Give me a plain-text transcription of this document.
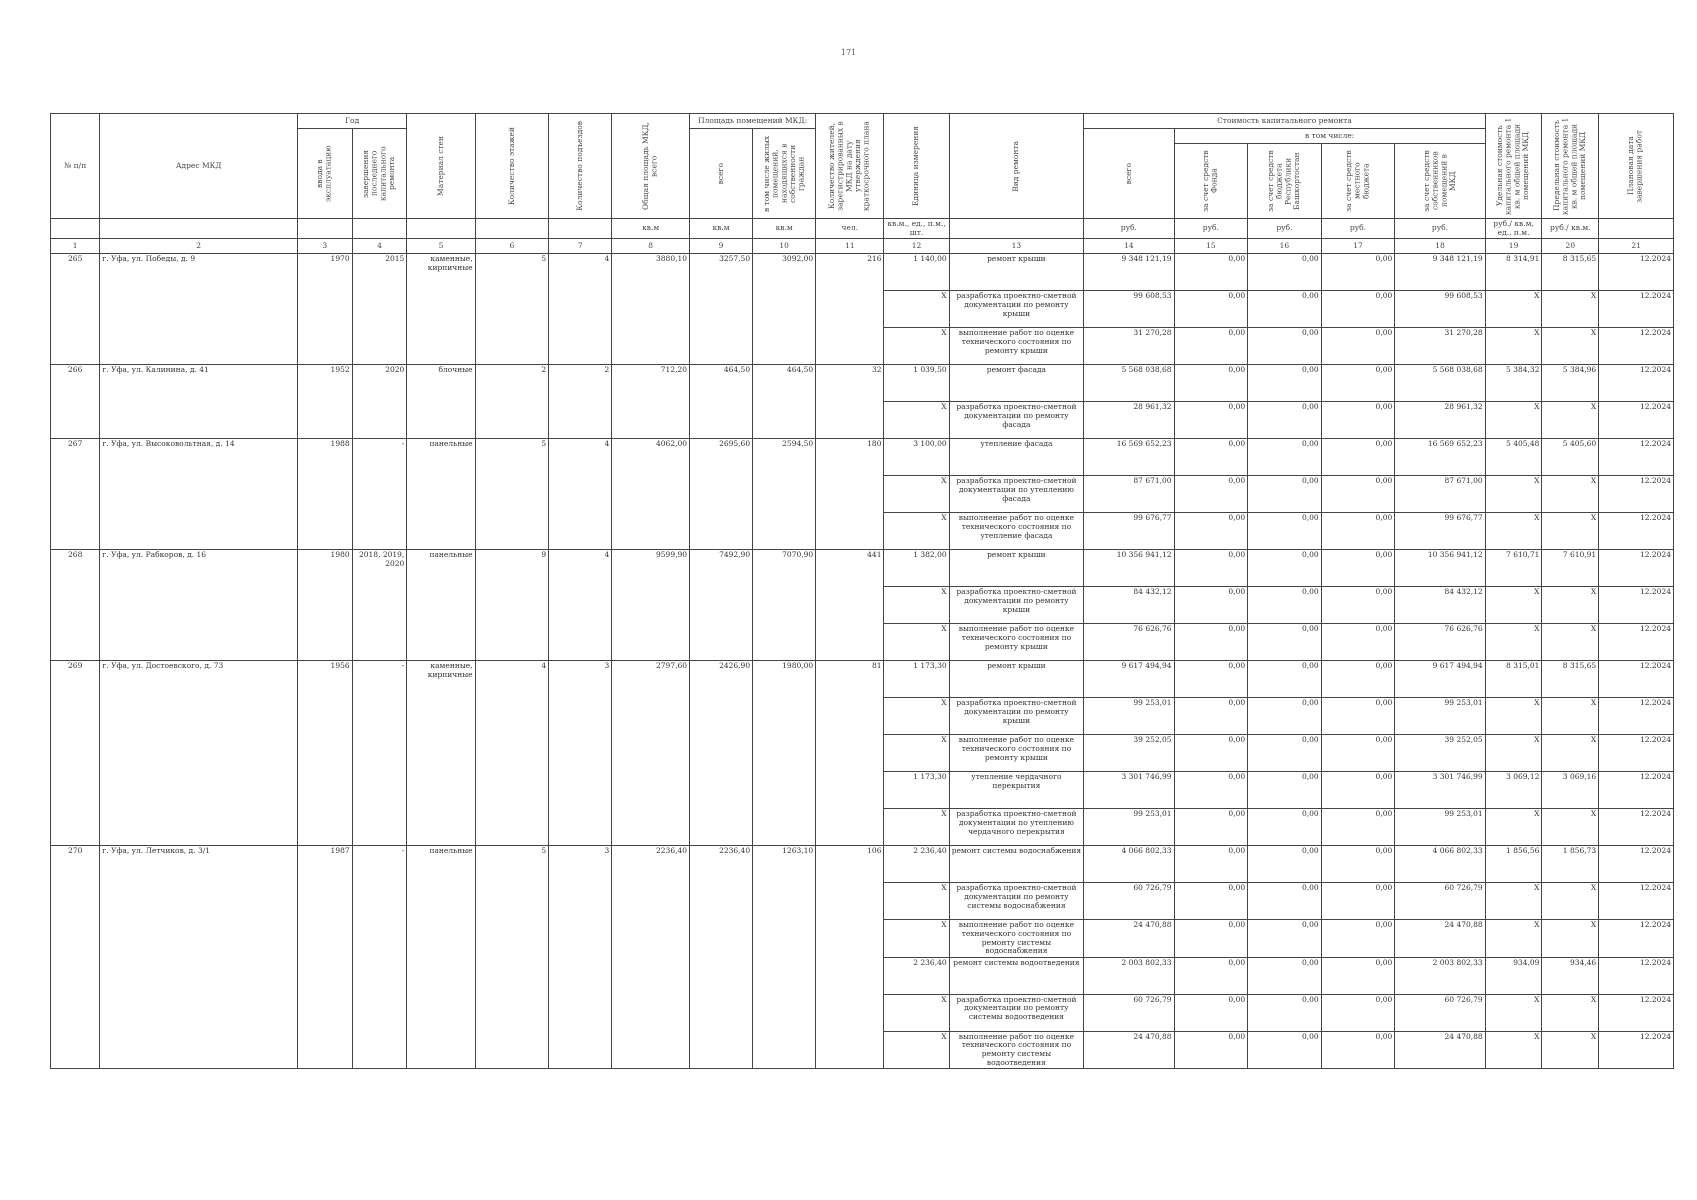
171
№ п/п	Адрес МКД	Год		Материал стен	Количество этажей	Количество подъездов	Общая площадь МКД, всего	Площадь помещений МКД:		Количество жителей, зарегистрированных в МКД на дату утверждения краткосрочного плана	Единица измерения	Вид ремонта	Стоимость капитального ремонта					Удельная стоимость капитального ремонта 1 кв. м общей площади помещений МКД	Предельная стоимость капитального ремонта 1 кв. м общей площади помещений МКД	Плановая дата завершения работ

		ввода в эксплуатацию	завершения последнего капитального ремонта					всего	в том числе жилых помещений, находящихся в собственности граждан				всего	в том числе:						

														за счет средств Фонда	за счет средств бюджета Республики Башкортостан	за счет средств местного бюджета	за счет средств собственников помещений в МКД			

							кв.м	кв.м	кв.м	чел.	кв.м., ед., п.м., шт.		руб.	руб.	руб.	руб.	руб.	руб./ кв.м, ед., п.м.	руб./ кв.м.	
1	2	3	4	5	6	7	8	9	10	11	12	13	14	15	16	17	18	19	20	21
265	г. Уфа, ул. Победы, д. 9	1970	2015	каменные, кирпичные	5	4	3880,10	3257,50	3092,00	216	1 140,00	ремонт крыши	9 348 121,19	0,00	0,00	0,00	9 348 121,19	8 314,91	8 315,65	12.2024
											X	разработка проектно-сметной документации по ремонту крыши	99 608,53	0,00	0,00	0,00	99 608,53	X	X	12.2024
											X	выполнение работ по оценке технического состояния по ремонту крыши	31 270,28	0,00	0,00	0,00	31 270,28	X	X	12.2024
266	г. Уфа, ул. Калинина, д. 41	1952	2020	блочные	2	2	712,20	464,50	464,50	32	1 039,50	ремонт фасада	5 568 038,68	0,00	0,00	0,00	5 568 038,68	5 384,32	5 384,96	12.2024
											X	разработка проектно-сметной документации по ремонту фасада	28 961,32	0,00	0,00	0,00	28 961,32	X	X	12.2024
267	г. Уфа, ул. Высоковольтная, д. 14	1988	-	панельные	5	4	4062,00	2695,60	2594,50	180	3 100,00	утепление фасада	16 569 652,23	0,00	0,00	0,00	16 569 652,23	5 405,48	5 405,60	12.2024
											X	разработка проектно-сметной документации по утеплению фасада	87 671,00	0,00	0,00	0,00	87 671,00	X	X	12.2024
											X	выполнение работ по оценке технического состояния по утепление фасада	99 676,77	0,00	0,00	0,00	99 676,77	X	X	12.2024
268	г. Уфа, ул. Рабкоров, д. 16	1980	2018, 2019, 2020	панельные	9	4	9599,90	7492,90	7070,90	441	1 382,00	ремонт крыши	10 356 941,12	0,00	0,00	0,00	10 356 941,12	7 610,71	7 610,91	12.2024
											X	разработка проектно-сметной документации по ремонту крыши	84 432,12	0,00	0,00	0,00	84 432,12	X	X	12.2024
											X	выполнение работ по оценке технического состояния по ремонту крыши	76 626,76	0,00	0,00	0,00	76 626,76	X	X	12.2024
269	г. Уфа, ул. Достоевского, д. 73	1956	-	каменные, кирпичные	4	3	2797,60	2426,90	1980,00	81	1 173,30	ремонт крыши	9 617 494,94	0,00	0,00	0,00	9 617 494,94	8 315,01	8 315,65	12.2024
											X	разработка проектно-сметной документации по ремонту крыши	99 253,01	0,00	0,00	0,00	99 253,01	X	X	12.2024
											X	выполнение работ по оценке технического состояния по ремонту крыши	39 252,05	0,00	0,00	0,00	39 252,05	X	X	12.2024
											1 173,30	утепление чердачного перекрытия	3 301 746,99	0,00	0,00	0,00	3 301 746,99	3 069,12	3 069,16	12.2024
											X	разработка проектно-сметной документации по утеплению чердачного перекрытия	99 253,01	0,00	0,00	0,00	99 253,01	X	X	12.2024
270	г. Уфа, ул. Летчиков, д. 3/1	1987	-	панельные	5	3	2236,40	2236,40	1263,10	106	2 236,40	ремонт системы водоснабжения	4 066 802,33	0,00	0,00	0,00	4 066 802,33	1 856,56	1 856,73	12.2024
											X	разработка проектно-сметной документации по ремонту системы водоснабжения	60 726,79	0,00	0,00	0,00	60 726,79	X	X	12.2024
											X	выполнение работ по оценке технического состояния по ремонту системы водоснабжения	24 470,88	0,00	0,00	0,00	24 470,88	X	X	12.2024
											2 236,40	ремонт системы водоотведения	2 003 802,33	0,00	0,00	0,00	2 003 802,33	934,09	934,46	12.2024
											X	разработка проектно-сметной документации по ремонту системы водоотведения	60 726,79	0,00	0,00	0,00	60 726,79	X	X	12.2024
											X	выполнение работ по оценке технического состояния по ремонту системы водоотведения	24 470,88	0,00	0,00	0,00	24 470,88	X	X	12.2024
